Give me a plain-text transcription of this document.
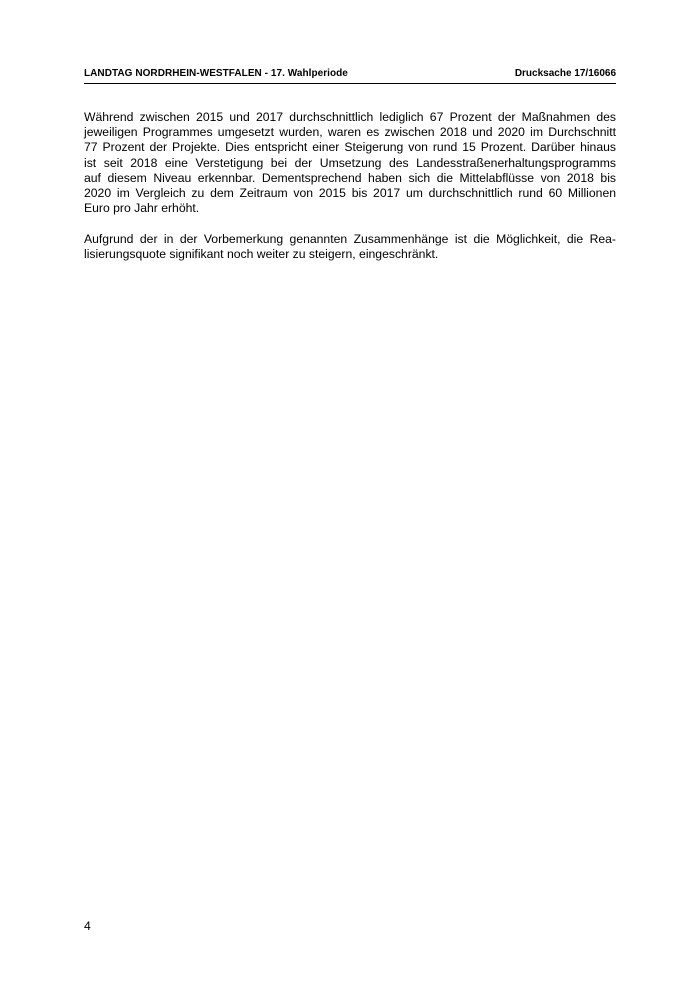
LANDTAG NORDRHEIN-WESTFALEN - 17. Wahlperiode	Drucksache 17/16066

Während zwischen 2015 und 2017 durchschnittlich lediglich 67 Prozent der Maßnahmen des
jeweiligen Programmes umgesetzt wurden, waren es zwischen 2018 und 2020 im Durchschnitt
77 Prozent der Projekte. Dies entspricht einer Steigerung von rund 15 Prozent. Darüber hinaus
ist seit 2018 eine Verstetigung bei der Umsetzung des Landesstraßenerhaltungsprogramms
auf diesem Niveau erkennbar. Dementsprechend haben sich die Mittelabflüsse von 2018 bis
2020 im Vergleich zu dem Zeitraum von 2015 bis 2017 um durchschnittlich rund 60 Millionen
Euro pro Jahr erhöht.

Aufgrund der in der Vorbemerkung genannten Zusammenhänge ist die Möglichkeit, die Rea-
lisierungsquote signifikant noch weiter zu steigern, eingeschränkt.

4
